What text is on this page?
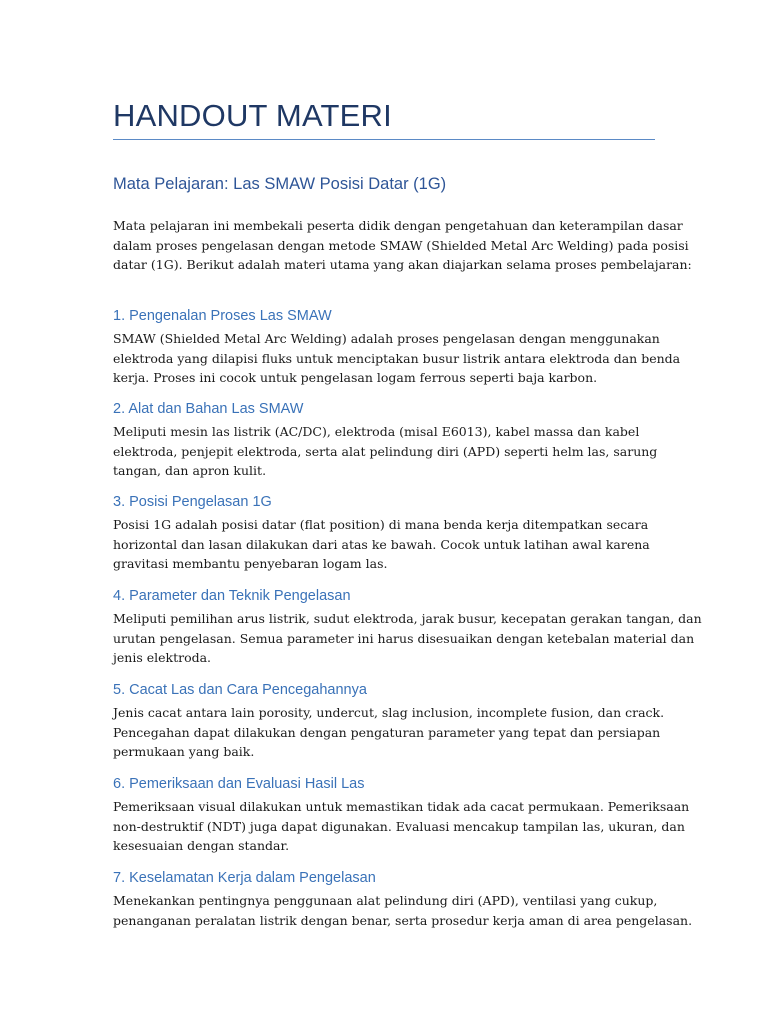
HANDOUT MATERI
Mata Pelajaran: Las SMAW Posisi Datar (1G)

Mata pelajaran ini membekali peserta didik dengan pengetahuan dan keterampilan dasar
dalam proses pengelasan dengan metode SMAW (Shielded Metal Arc Welding) pada posisi
datar (1G). Berikut adalah materi utama yang akan diajarkan selama proses pembelajaran:

1. Pengenalan Proses Las SMAW

SMAW (Shielded Metal Arc Welding) adalah proses pengelasan dengan menggunakan
elektroda yang dilapisi fluks untuk menciptakan busur listrik antara elektroda dan benda
kerja. Proses ini cocok untuk pengelasan logam ferrous seperti baja karbon.

2. Alat dan Bahan Las SMAW

Meliputi mesin las listrik (AC/DC), elektroda (misal E6013), kabel massa dan kabel
elektroda, penjepit elektroda, serta alat pelindung diri (APD) seperti helm las, sarung
tangan, dan apron kulit.

3. Posisi Pengelasan 1G

Posisi 1G adalah posisi datar (flat position) di mana benda kerja ditempatkan secara
horizontal dan lasan dilakukan dari atas ke bawah. Cocok untuk latihan awal karena
gravitasi membantu penyebaran logam las.

4. Parameter dan Teknik Pengelasan

Meliputi pemilihan arus listrik, sudut elektroda, jarak busur, kecepatan gerakan tangan, dan
urutan pengelasan. Semua parameter ini harus disesuaikan dengan ketebalan material dan
jenis elektroda.

5. Cacat Las dan Cara Pencegahannya

Jenis cacat antara lain porosity, undercut, slag inclusion, incomplete fusion, dan crack.
Pencegahan dapat dilakukan dengan pengaturan parameter yang tepat dan persiapan
permukaan yang baik.

6. Pemeriksaan dan Evaluasi Hasil Las

Pemeriksaan visual dilakukan untuk memastikan tidak ada cacat permukaan. Pemeriksaan
non-destruktif (NDT) juga dapat digunakan. Evaluasi mencakup tampilan las, ukuran, dan
kesesuaian dengan standar.

7. Keselamatan Kerja dalam Pengelasan

Menekankan pentingnya penggunaan alat pelindung diri (APD), ventilasi yang cukup,
penanganan peralatan listrik dengan benar, serta prosedur kerja aman di area pengelasan.
